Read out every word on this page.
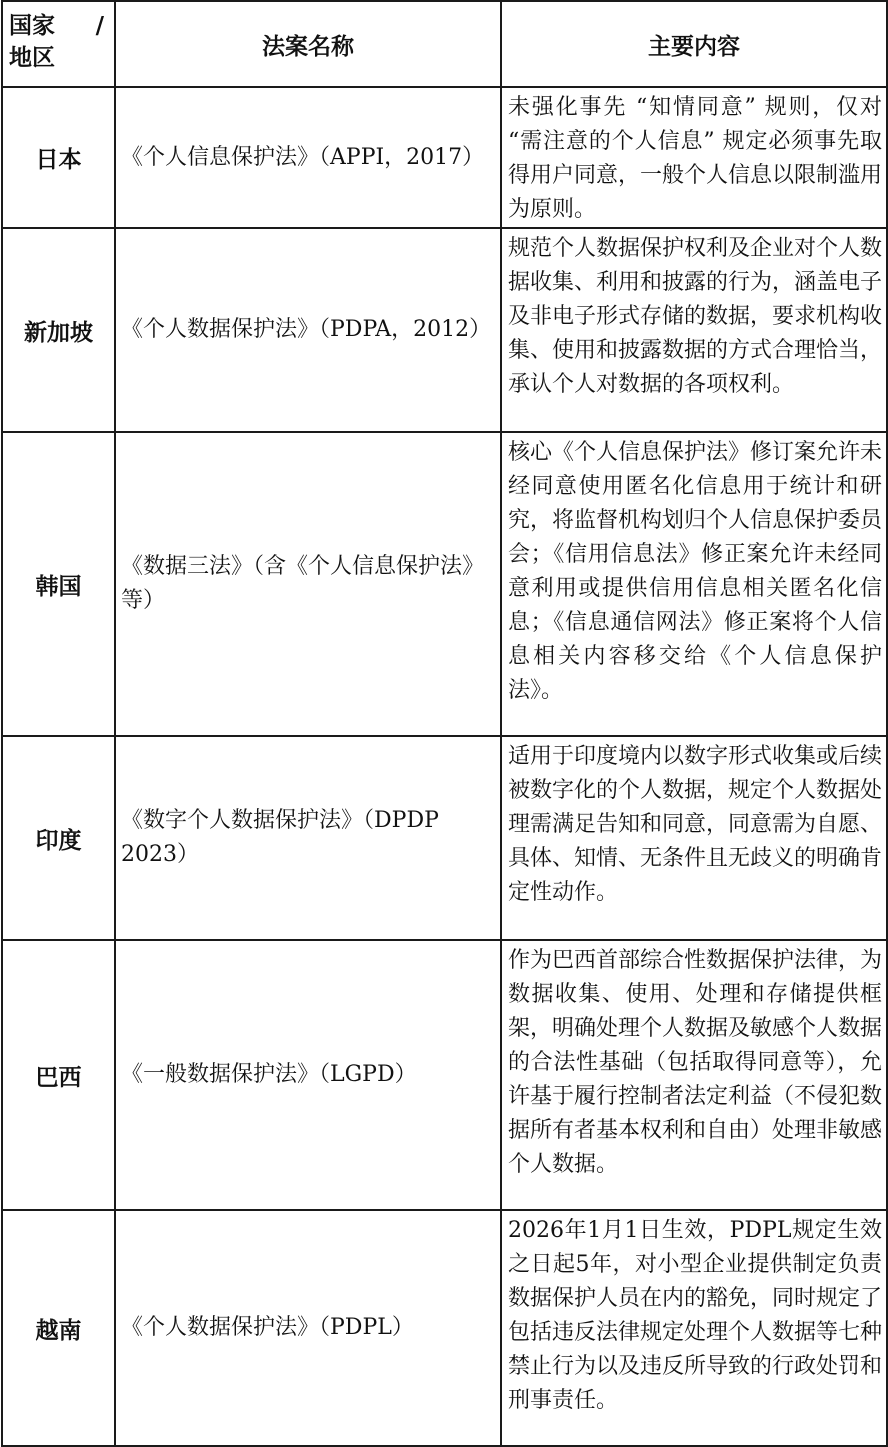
国家 /
地区	法案名称	主要内容
日本	《个人信息保护法》（APPI，2017）	未强化事先 “知情同意” 规则，仅对 “需注意的个人信息” 规定必须事先取得用户同意，一般个人信息以限制滥用为原则。
新加坡	《个人数据保护法》（PDPA，2012）	规范个人数据保护权利及企业对个人数据收集、利用和披露的行为，涵盖电子及非电子形式存储的数据，要求机构收集、使用和披露数据的方式合理恰当，承认个人对数据的各项权利。
韩国	《数据三法》（含《个人信息保护法》等）	核心《个人信息保护法》修订案允许未经同意使用匿名化信息用于统计和研究，将监督机构划归个人信息保护委员会；《信用信息法》修正案允许未经同意利用或提供信用信息相关匿名化信息；《信息通信网法》修正案将个人信息相关内容移交给《个人信息保护法》。
印度	《数字个人数据保护法》（DPDP 2023）	适用于印度境内以数字形式收集或后续被数字化的个人数据，规定个人数据处理需满足告知和同意，同意需为自愿、具体、知情、无条件且无歧义的明确肯定性动作。
巴西	《一般数据保护法》（LGPD）	作为巴西首部综合性数据保护法律，为数据收集、使用、处理和存储提供框架，明确处理个人数据及敏感个人数据的合法性基础（包括取得同意等），允许基于履行控制者法定利益（不侵犯数据所有者基本权利和自由）处理非敏感个人数据。
越南	《个人数据保护法》（PDPL）	2026年1月1日生效，PDPL规定生效之日起5年，对小型企业提供制定负责数据保护人员在内的豁免，同时规定了包括违反法律规定处理个人数据等七种禁止行为以及违反所导致的行政处罚和刑事责任。
